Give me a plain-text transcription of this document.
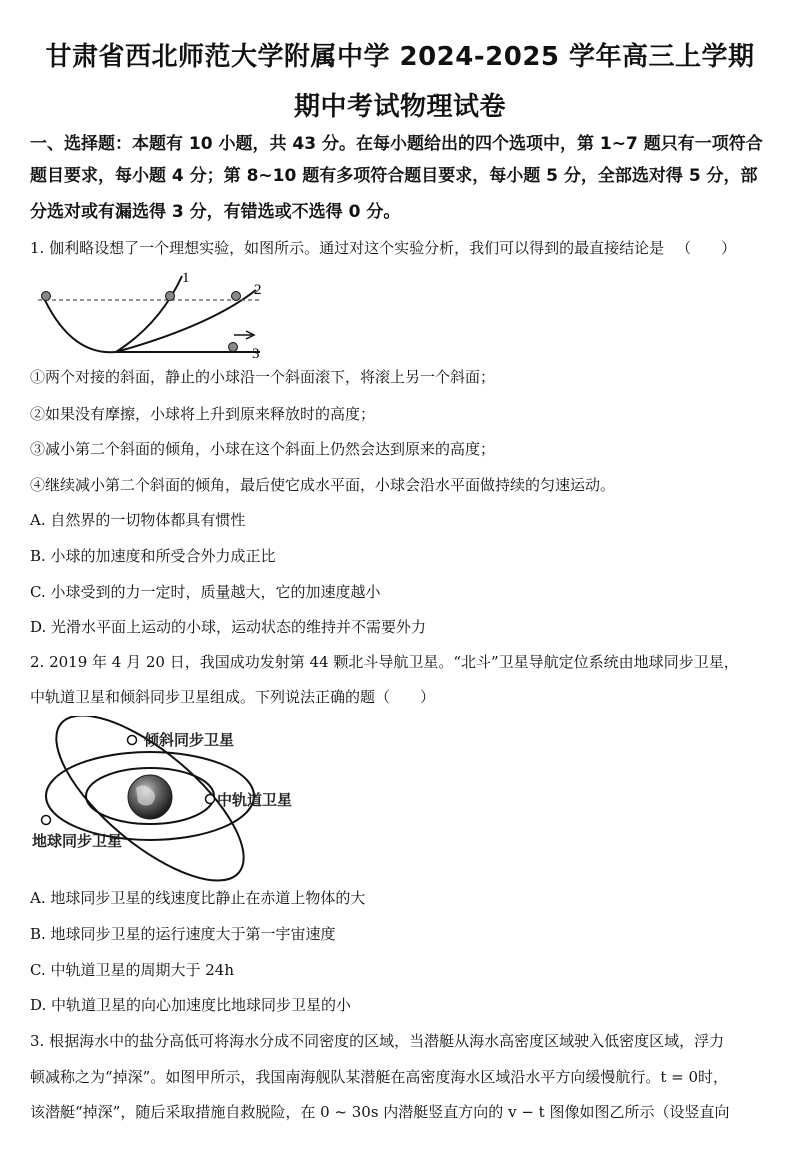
甘肃省西北师范大学附属中学 2024-2025 学年高三上学期
期中考试物理试卷
一、选择题：本题有 10 小题，共 43 分。在每小题给出的四个选项中，第 1~7 题只有一项符合
题目要求，每小题 4 分；第 8~10 题有多项符合题目要求，每小题 5 分，全部选对得 5 分，部
分选对或有漏选得 3 分，有错选或不选得 0 分。
1. 伽利略设想了一个理想实验，如图所示。通过对这个实验分析，我们可以得到的最直接结论是 （　　）
1
2
3
①两个对接的斜面，静止的小球沿一个斜面滚下，将滚上另一个斜面；
②如果没有摩擦，小球将上升到原来释放时的高度；
③减小第二个斜面的倾角，小球在这个斜面上仍然会达到原来的高度；
④继续减小第二个斜面的倾角，最后使它成水平面，小球会沿水平面做持续的匀速运动。
A. 自然界的一切物体都具有惯性
B. 小球的加速度和所受合外力成正比
C. 小球受到的力一定时，质量越大，它的加速度越小
D. 光滑水平面上运动的小球，运动状态的维持并不需要外力
2. 2019 年 4 月 20 日，我国成功发射第 44 颗北斗导航卫星。“北斗”卫星导航定位系统由地球同步卫星，
中轨道卫星和倾斜同步卫星组成。下列说法正确的题（　　）
倾斜同步卫星
中轨道卫星
地球同步卫星
A. 地球同步卫星的线速度比静止在赤道上物体的大
B. 地球同步卫星的运行速度大于第一宇宙速度
C. 中轨道卫星的周期大于 24h
D. 中轨道卫星的向心加速度比地球同步卫星的小
3. 根据海水中的盐分高低可将海水分成不同密度的区域，当潜艇从海水高密度区域驶入低密度区域，浮力
顿减称之为“掉深”。如图甲所示，我国南海舰队某潜艇在高密度海水区域沿水平方向缓慢航行。t = 0时，
该潜艇“掉深”，随后采取措施自救脱险，在 0 ~ 30s 内潜艇竖直方向的 v − t 图像如图乙所示（设竖直向
